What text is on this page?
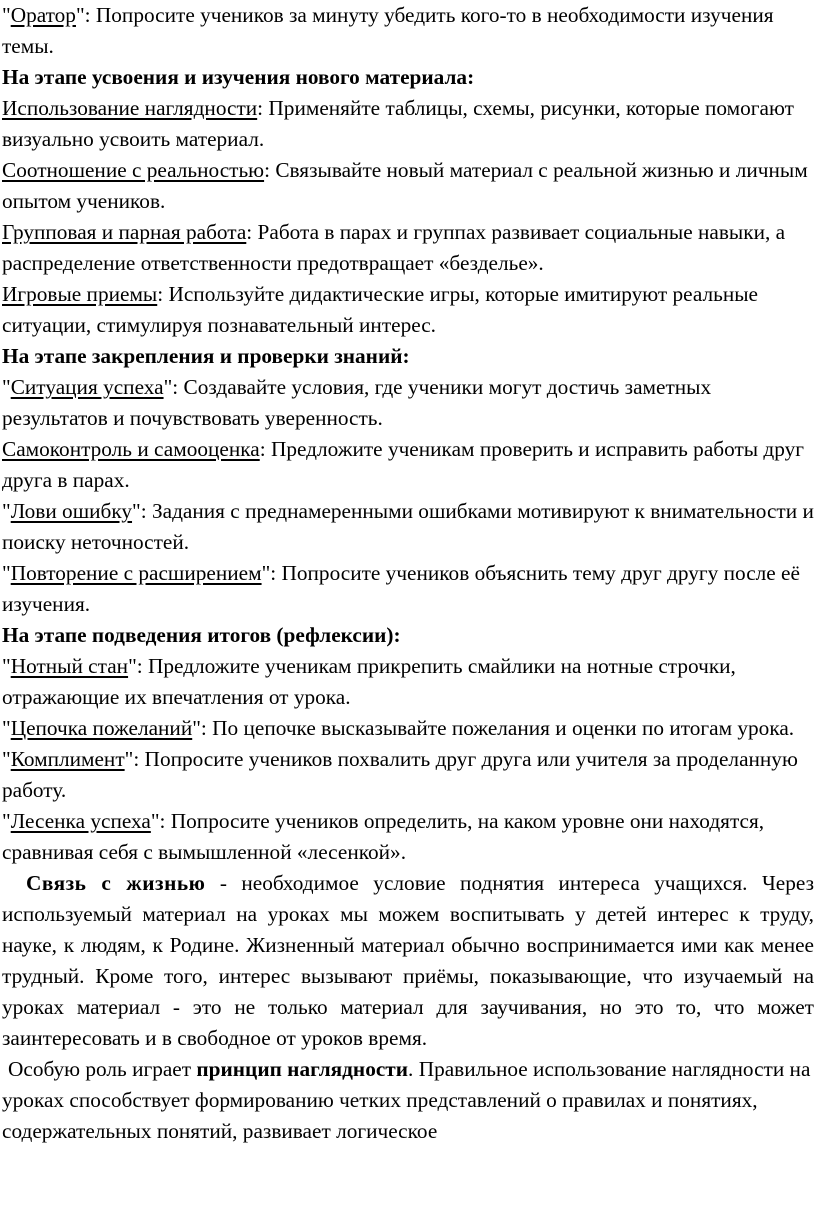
"Оратор": Попросите учеников за минуту убедить кого-то в необходимости изучения темы.

На этапе усвоения и изучения нового материала:

Использование наглядности: Применяйте таблицы, схемы, рисунки, которые помогают визуально усвоить материал.

Соотношение с реальностью: Связывайте новый материал с реальной жизнью и личным опытом учеников.

Групповая и парная работа: Работа в парах и группах развивает социальные навыки, а распределение ответственности предотвращает «безделье».

Игровые приемы: Используйте дидактические игры, которые имитируют реальные ситуации, стимулируя познавательный интерес.

На этапе закрепления и проверки знаний:

"Ситуация успеха": Создавайте условия, где ученики могут достичь заметных результатов и почувствовать уверенность.

Самоконтроль и самооценка: Предложите ученикам проверить и исправить работы друг друга в парах.

"Лови ошибку": Задания с преднамеренными ошибками мотивируют к внимательности и поиску неточностей.

"Повторение с расширением": Попросите учеников объяснить тему друг другу после её изучения.

На этапе подведения итогов (рефлексии):

"Нотный стан": Предложите ученикам прикрепить смайлики на нотные строчки, отражающие их впечатления от урока.

"Цепочка пожеланий": По цепочке высказывайте пожелания и оценки по итогам урока.

"Комплимент": Попросите учеников похвалить друг друга или учителя за проделанную работу.

"Лесенка успеха": Попросите учеников определить, на каком уровне они находятся, сравнивая себя с вымышленной «лесенкой».

Связь с жизнью - необходимое условие поднятия интереса учащихся. Через используемый материал на уроках мы можем воспитывать у детей интерес к труду, науке, к людям, к Родине. Жизненный материал обычно воспринимается ими как менее трудный. Кроме того, интерес вызывают приёмы, показывающие, что изучаемый на уроках материал - это не только материал для заучивания, но это то, что может заинтересовать и в свободное от уроков время.

Особую роль играет принцип наглядности. Правильное использование наглядности на уроках способствует формированию четких представлений о правилах и понятиях, содержательных понятий, развивает логическое
